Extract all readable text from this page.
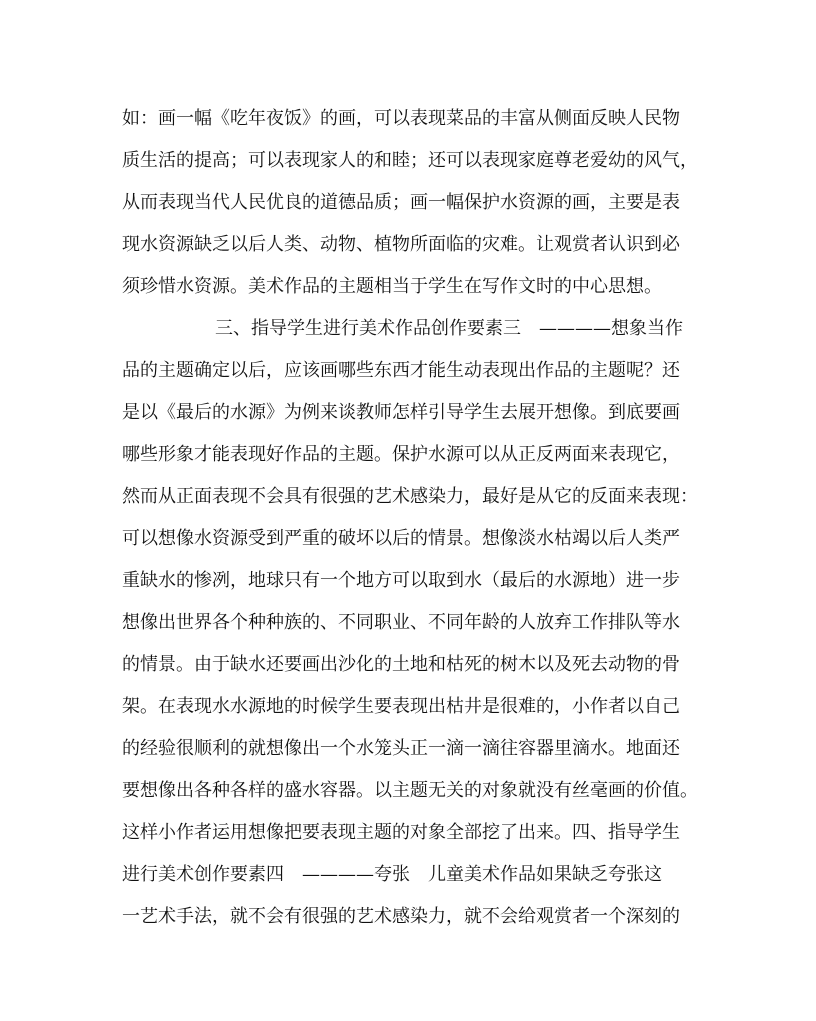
如：画一幅《吃年夜饭》的画，可以表现菜品的丰富从侧面反映人民物
质生活的提高；可以表现家人的和睦；还可以表现家庭尊老爱幼的风气，
从而表现当代人民优良的道德品质；画一幅保护水资源的画，主要是表
现水资源缺乏以后人类、动物、植物所面临的灾难。让观赏者认识到必
须珍惜水资源。美术作品的主题相当于学生在写作文时的中心思想。
三、指导学生进行美术作品创作要素三　————想象当作
品的主题确定以后，应该画哪些东西才能生动表现出作品的主题呢？还
是以《最后的水源》为例来谈教师怎样引导学生去展开想像。到底要画
哪些形象才能表现好作品的主题。保护水源可以从正反两面来表现它，
然而从正面表现不会具有很强的艺术感染力，最好是从它的反面来表现：
可以想像水资源受到严重的破坏以后的情景。想像淡水枯竭以后人类严
重缺水的惨冽，地球只有一个地方可以取到水（最后的水源地）进一步
想像出世界各个种种族的、不同职业、不同年龄的人放弃工作排队等水
的情景。由于缺水还要画出沙化的土地和枯死的树木以及死去动物的骨
架。在表现水水源地的时候学生要表现出枯井是很难的，小作者以自己
的经验很顺利的就想像出一个水笼头正一滴一滴往容器里滴水。地面还
要想像出各种各样的盛水容器。以主题无关的对象就没有丝毫画的价值。
这样小作者运用想像把要表现主题的对象全部挖了出来。四、指导学生
进行美术创作要素四　————夸张　儿童美术作品如果缺乏夸张这
一艺术手法，就不会有很强的艺术感染力，就不会给观赏者一个深刻的
